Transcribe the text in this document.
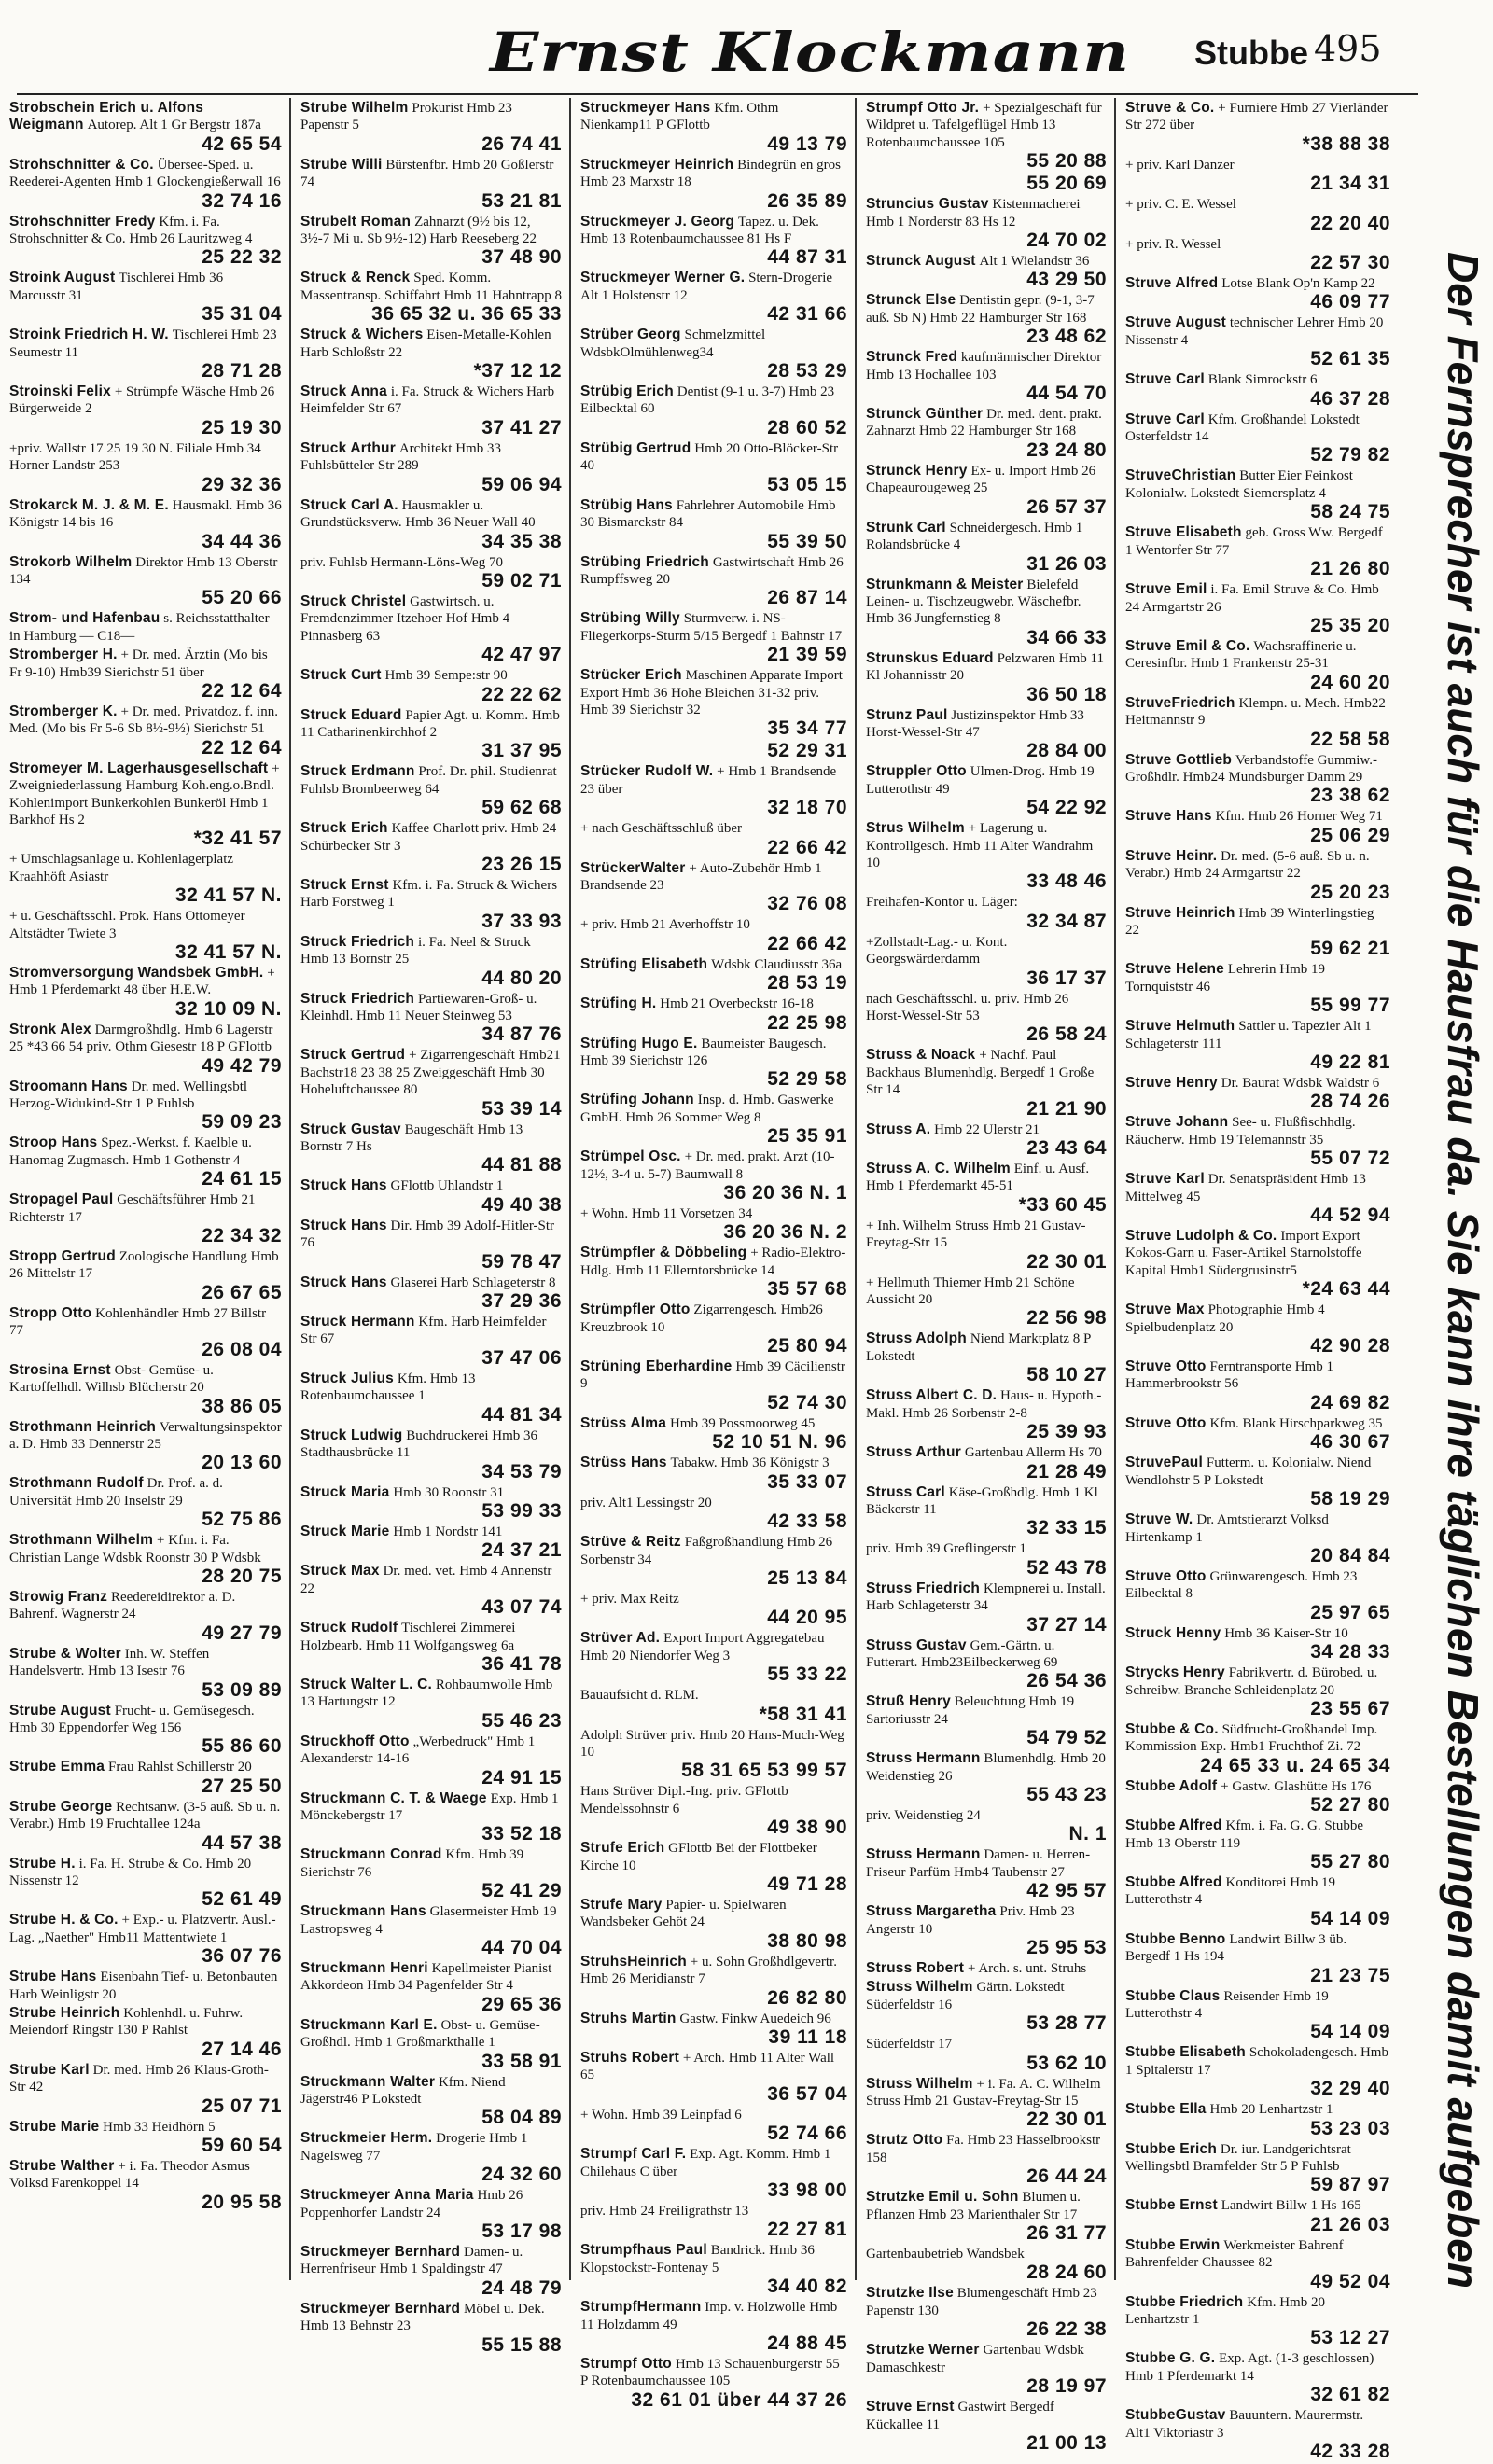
Ernst Klockmann Stubbe 495
Strobschein Erich u. Alfons Weigmann Autorep. Alt 1 Gr Bergstr 187a
42 65 54
Strohschnitter & Co. Übersee-Sped. u. Reederei-Agenten Hmb 1 Glockengießerwall 16
32 74 16
Strohschnitter Fredy Kfm. i. Fa. Strohschnitter & Co. Hmb 26 Lauritzweg 4
25 22 32
Stroink August Tischlerei Hmb 36 Marcusstr 31
35 31 04
Stroink Friedrich H. W. Tischlerei Hmb 23 Seumestr 11
28 71 28
Stroinski Felix + Strümpfe Wäsche Hmb 26 Bürgerweide 2
25 19 30
+priv. Wallstr 17 25 19 30 N. Filiale Hmb 34 Horner Landstr 253
29 32 36
Strokarck M. J. & M. E. Hausmakl. Hmb 36 Königstr 14 bis 16
34 44 36
Strokorb Wilhelm Direktor Hmb 13 Oberstr 134
55 20 66
Strom- und Hafenbau s. Reichsstatthalter in Hamburg — C18—
Stromberger H. + Dr. med. Ärztin (Mo bis Fr 9-10) Hmb39 Sierichstr 51 über
22 12 64
Stromberger K. + Dr. med. Privatdoz. f. inn. Med. (Mo bis Fr 5-6 Sb 8½-9½) Sierichstr 51
22 12 64
Stromeyer M. Lagerhausgesellschaft + Zweigniederlassung Hamburg Koh.eng.o.Bndl. Kohlenimport Bunkerkohlen Bunkeröl Hmb 1 Barkhof Hs 2
*32 41 57
+ Umschlagsanlage u. Kohlenlagerplatz Kraahhöft Asiastr
32 41 57 N.
+ u. Geschäftsschl. Prok. Hans Ottomeyer Altstädter Twiete 3
32 41 57 N.
Stromversorgung Wandsbek GmbH. + Hmb 1 Pferdemarkt 48 über H.E.W.
32 10 09 N.
Stronk Alex Darmgroßhdlg. Hmb 6 Lagerstr 25 *43 66 54 priv. Othm Giesestr 18 P GFlottb
49 42 79
Stroomann Hans Dr. med. Wellingsbtl Herzog-Widukind-Str 1 P Fuhlsb
59 09 23
Stroop Hans Spez.-Werkst. f. Kaelble u. Hanomag Zugmasch. Hmb 1 Gothenstr 4
24 61 15
Stropagel Paul Geschäftsführer Hmb 21 Richterstr 17
22 34 32
Stropp Gertrud Zoologische Handlung Hmb 26 Mittelstr 17
26 67 65
Stropp Otto Kohlenhändler Hmb 27 Billstr 77
26 08 04
Strosina Ernst Obst- Gemüse- u. Kartoffelhdl. Wilhsb Blücherstr 20
38 86 05
Strothmann Heinrich Verwaltungsinspektor a. D. Hmb 33 Dennerstr 25
20 13 60
Strothmann Rudolf Dr. Prof. a. d. Universität Hmb 20 Inselstr 29
52 75 86
Strothmann Wilhelm + Kfm. i. Fa. Christian Lange Wdsbk Roonstr 30 P Wdsbk
28 20 75
Strowig Franz Reedereidirektor a. D. Bahrenf. Wagnerstr 24
49 27 79
Strube & Wolter Inh. W. Steffen Handelsvertr. Hmb 13 Isestr 76
53 09 89
Strube August Frucht- u. Gemüsegesch. Hmb 30 Eppendorfer Weg 156
55 86 60
Strube Emma Frau Rahlst Schillerstr 20
27 25 50
Strube George Rechtsanw. (3-5 auß. Sb u. n. Verabr.) Hmb 19 Fruchtallee 124a
44 57 38
Strube H. i. Fa. H. Strube & Co. Hmb 20 Nissenstr 12
52 61 49
Strube H. & Co. + Exp.- u. Platzvertr. Ausl.-Lag. „Naether" Hmb11 Mattentwiete 1
36 07 76
Strube Hans Eisenbahn Tief- u. Betonbauten Harb Weinligstr 20
Strube Heinrich Kohlenhdl. u. Fuhrw. Meiendorf Ringstr 130 P Rahlst
27 14 46
Strube Karl Dr. med. Hmb 26 Klaus-Groth-Str 42
25 07 71
Strube Marie Hmb 33 Heidhörn 5
59 60 54
Strube Walther + i. Fa. Theodor Asmus Volksd Farenkoppel 14
20 95 58
Strube Wilhelm Prokurist Hmb 23 Papenstr 5
26 74 41
Strube Willi Bürstenfbr. Hmb 20 Goßlerstr 74
53 21 81
Strubelt Roman Zahnarzt (9½ bis 12, 3½-7 Mi u. Sb 9½-12) Harb Reeseberg 22
37 48 90
Struck & Renck Sped. Komm. Massentransp. Schiffahrt Hmb 11 Hahntrapp 8
36 65 32 u. 36 65 33
Struck & Wichers Eisen-Metalle-Kohlen Harb Schloßstr 22
*37 12 12
Struck Anna i. Fa. Struck & Wichers Harb Heimfelder Str 67
37 41 27
Struck Arthur Architekt Hmb 33 Fuhlsbütteler Str 289
59 06 94
Struck Carl A. Hausmakler u. Grundstücksverw. Hmb 36 Neuer Wall 40
34 35 38
priv. Fuhlsb Hermann-Löns-Weg 70
59 02 71
Struck Christel Gastwirtsch. u. Fremdenzimmer Itzehoer Hof Hmb 4 Pinnasberg 63
42 47 97
Struck Curt Hmb 39 Sempe:str 90
22 22 62
Struck Eduard Papier Agt. u. Komm. Hmb 11 Catharinenkirchhof 2
31 37 95
Struck Erdmann Prof. Dr. phil. Studienrat Fuhlsb Brombeerweg 64
59 62 68
Struck Erich Kaffee Charlott priv. Hmb 24 Schürbecker Str 3
23 26 15
Struck Ernst Kfm. i. Fa. Struck & Wichers Harb Forstweg 1
37 33 93
Struck Friedrich i. Fa. Neel & Struck Hmb 13 Bornstr 25
44 80 20
Struck Friedrich Partiewaren-Groß- u. Kleinhdl. Hmb 11 Neuer Steinweg 53
34 87 76
Struck Gertrud + Zigarrengeschäft Hmb21 Bachstr18 23 38 25 Zweiggeschäft Hmb 30 Hoheluftchaussee 80
53 39 14
Struck Gustav Baugeschäft Hmb 13 Bornstr 7 Hs
44 81 88
Struck Hans GFlottb Uhlandstr 1
49 40 38
Struck Hans Dir. Hmb 39 Adolf-Hitler-Str 76
59 78 47
Struck Hans Glaserei Harb Schlageterstr 8
37 29 36
Struck Hermann Kfm. Harb Heimfelder Str 67
37 47 06
Struck Julius Kfm. Hmb 13 Rotenbaumchaussee 1
44 81 34
Struck Ludwig Buchdruckerei Hmb 36 Stadthausbrücke 11
34 53 79
Struck Maria Hmb 30 Roonstr 31
53 99 33
Struck Marie Hmb 1 Nordstr 141
24 37 21
Struck Max Dr. med. vet. Hmb 4 Annenstr 22
43 07 74
Struck Rudolf Tischlerei Zimmerei Holzbearb. Hmb 11 Wolfgangsweg 6a
36 41 78
Struck Walter L. C. Rohbaumwolle Hmb 13 Hartungstr 12
55 46 23
Struckhoff Otto „Werbedruck" Hmb 1 Alexanderstr 14-16
24 91 15
Struckmann C. T. & Waege Exp. Hmb 1 Mönckebergstr 17
33 52 18
Struckmann Conrad Kfm. Hmb 39 Sierichstr 76
52 41 29
Struckmann Hans Glasermeister Hmb 19 Lastropsweg 4
44 70 04
Struckmann Henri Kapellmeister Pianist Akkordeon Hmb 34 Pagenfelder Str 4
29 65 36
Struckmann Karl E. Obst- u. Gemüse-Großhdl. Hmb 1 Großmarkthalle 1
33 58 91
Struckmann Walter Kfm. Niend Jägerstr46 P Lokstedt
58 04 89
Struckmeier Herm. Drogerie Hmb 1 Nagelsweg 77
24 32 60
Struckmeyer Anna Maria Hmb 26 Poppenhorfer Landstr 24
53 17 98
Struckmeyer Bernhard Damen- u. Herrenfriseur Hmb 1 Spaldingstr 47
24 48 79
Struckmeyer Bernhard Möbel u. Dek. Hmb 13 Behnstr 23
55 15 88
Struckmeyer Hans Kfm. Othm Nienkamp11 P GFlottb
49 13 79
Struckmeyer Heinrich Bindegrün en gros Hmb 23 Marxstr 18
26 35 89
Struckmeyer J. Georg Tapez. u. Dek. Hmb 13 Rotenbaumchaussee 81 Hs F
44 87 31
Struckmeyer Werner G. Stern-Drogerie Alt 1 Holstenstr 12
42 31 66
Strüber Georg Schmelzmittel WdsbkOlmühlenweg34
28 53 29
Strübig Erich Dentist (9-1 u. 3-7) Hmb 23 Eilbecktal 60
28 60 52
Strübig Gertrud Hmb 20 Otto-Blöcker-Str 40
53 05 15
Strübig Hans Fahrlehrer Automobile Hmb 30 Bismarckstr 84
55 39 50
Strübing Friedrich Gastwirtschaft Hmb 26 Rumpffsweg 20
26 87 14
Strübing Willy Sturmverw. i. NS-Fliegerkorps-Sturm 5/15 Bergedf 1 Bahnstr 17
21 39 59
Strücker Erich Maschinen Apparate Import Export Hmb 36 Hohe Bleichen 31-32 priv. Hmb 39 Sierichstr 32
35 34 77
52 29 31
Strücker Rudolf W. + Hmb 1 Brandsende 23 über
32 18 70
+ nach Geschäftsschluß über
22 66 42
StrückerWalter + Auto-Zubehör Hmb 1 Brandsende 23
32 76 08
+ priv. Hmb 21 Averhoffstr 10
22 66 42
Strüfing Elisabeth Wdsbk Claudiusstr 36a
28 53 19
Strüfing H. Hmb 21 Overbeckstr 16-18
22 25 98
Strüfing Hugo E. Baumeister Baugesch. Hmb 39 Sierichstr 126
52 29 58
Strüfing Johann Insp. d. Hmb. Gaswerke GmbH. Hmb 26 Sommer Weg 8
25 35 91
Strümpel Osc. + Dr. med. prakt. Arzt (10-12½, 3-4 u. 5-7) Baumwall 8
36 20 36 N. 1
+ Wohn. Hmb 11 Vorsetzen 34
36 20 36 N. 2
Strümpfler & Döbbeling + Radio-Elektro-Hdlg. Hmb 11 Ellerntorsbrücke 14
35 57 68
Strümpfler Otto Zigarrengesch. Hmb26 Kreuzbrook 10
25 80 94
Strüning Eberhardine Hmb 39 Cäcilienstr 9
52 74 30
Strüss Alma Hmb 39 Possmoorweg 45
52 10 51 N. 96
Strüss Hans Tabakw. Hmb 36 Königstr 3
35 33 07
priv. Alt1 Lessingstr 20
42 33 58
Strüve & Reitz Faßgroßhandlung Hmb 26 Sorbenstr 34
25 13 84
+ priv. Max Reitz
44 20 95
Strüver Ad. Export Import Aggregatebau Hmb 20 Niendorfer Weg 3
55 33 22
Bauaufsicht d. RLM.
*58 31 41
Adolph Strüver priv. Hmb 20 Hans-Much-Weg 10
58 31 65 53 99 57
Hans Strüver Dipl.-Ing. priv. GFlottb Mendelssohnstr 6
49 38 90
Strufe Erich GFlottb Bei der Flottbeker Kirche 10
49 71 28
Strufe Mary Papier- u. Spielwaren Wandsbeker Gehöt 24
38 80 98
StruhsHeinrich + u. Sohn Großhdlgevertr. Hmb 26 Meridianstr 7
26 82 80
Struhs Martin Gastw. Finkw Auedeich 96
39 11 18
Struhs Robert + Arch. Hmb 11 Alter Wall 65
36 57 04
+ Wohn. Hmb 39 Leinpfad 6
52 74 66
Strumpf Carl F. Exp. Agt. Komm. Hmb 1 Chilehaus C über
33 98 00
priv. Hmb 24 Freiligrathstr 13
22 27 81
Strumpfhaus Paul Bandrick. Hmb 36 Klopstockstr-Fontenay 5
34 40 82
StrumpfHermann Imp. v. Holzwolle Hmb 11 Holzdamm 49
24 88 45
Strumpf Otto Hmb 13 Schauenburgerstr 55 P Rotenbaumchaussee 105
32 61 01 über 44 37 26
Strumpf Otto Jr. + Spezialgeschäft für Wildpret u. Tafelgeflügel Hmb 13 Rotenbaumchaussee 105
55 20 88
55 20 69
Struncius Gustav Kistenmacherei Hmb 1 Norderstr 83 Hs 12
24 70 02
Strunck August Alt 1 Wielandstr 36
43 29 50
Strunck Else Dentistin gepr. (9-1, 3-7 auß. Sb N) Hmb 22 Hamburger Str 168
23 48 62
Strunck Fred kaufmännischer Direktor Hmb 13 Hochallee 103
44 54 70
Strunck Günther Dr. med. dent. prakt. Zahnarzt Hmb 22 Hamburger Str 168
23 24 80
Strunck Henry Ex- u. Import Hmb 26 Chapeaurougeweg 25
26 57 37
Strunk Carl Schneidergesch. Hmb 1 Rolandsbrücke 4
31 26 03
Strunkmann & Meister Bielefeld Leinen- u. Tischzeugwebr. Wäschefbr. Hmb 36 Jungfernstieg 8
34 66 33
Strunskus Eduard Pelzwaren Hmb 11 Kl Johannisstr 20
36 50 18
Strunz Paul Justizinspektor Hmb 33 Horst-Wessel-Str 47
28 84 00
Struppler Otto Ulmen-Drog. Hmb 19 Lutterothstr 49
54 22 92
Strus Wilhelm + Lagerung u. Kontrollgesch. Hmb 11 Alter Wandrahm 10
33 48 46
Freihafen-Kontor u. Läger:
32 34 87
+Zollstadt-Lag.- u. Kont. Georgswärderdamm
36 17 37
nach Geschäftsschl. u. priv. Hmb 26 Horst-Wessel-Str 53
26 58 24
Struss & Noack + Nachf. Paul Backhaus Blumenhdlg. Bergedf 1 Große Str 14
21 21 90
Struss A. Hmb 22 Ulerstr 21
23 43 64
Struss A. C. Wilhelm Einf. u. Ausf. Hmb 1 Pferdemarkt 45-51
*33 60 45
+ Inh. Wilhelm Struss Hmb 21 Gustav-Freytag-Str 15
22 30 01
+ Hellmuth Thiemer Hmb 21 Schöne Aussicht 20
22 56 98
Struss Adolph Niend Marktplatz 8 P Lokstedt
58 10 27
Struss Albert C. D. Haus- u. Hypoth.-Makl. Hmb 26 Sorbenstr 2-8
25 39 93
Struss Arthur Gartenbau Allerm Hs 70
21 28 49
Struss Carl Käse-Großhdlg. Hmb 1 Kl Bäckerstr 11
32 33 15
priv. Hmb 39 Greflingerstr 1
52 43 78
Struss Friedrich Klempnerei u. Install. Harb Schlageterstr 34
37 27 14
Struss Gustav Gem.-Gärtn. u. Futterart. Hmb23Eilbeckerweg 69
26 54 36
Struß Henry Beleuchtung Hmb 19 Sartoriusstr 24
54 79 52
Struss Hermann Blumenhdlg. Hmb 20 Weidenstieg 26
55 43 23
priv. Weidenstieg 24
N. 1
Struss Hermann Damen- u. Herren-Friseur Parfüm Hmb4 Taubenstr 27
42 95 57
Struss Margaretha Priv. Hmb 23 Angerstr 10
25 95 53
Struss Robert + Arch. s. unt. Struhs
Struss Wilhelm Gärtn. Lokstedt Süderfeldstr 16
53 28 77
Süderfeldstr 17
53 62 10
Struss Wilhelm + i. Fa. A. C. Wilhelm Struss Hmb 21 Gustav-Freytag-Str 15
22 30 01
Strutz Otto Fa. Hmb 23 Hasselbrookstr 158
26 44 24
Strutzke Emil u. Sohn Blumen u. Pflanzen Hmb 23 Marienthaler Str 17
26 31 77
Gartenbaubetrieb Wandsbek
28 24 60
Strutzke Ilse Blumengeschäft Hmb 23 Papenstr 130
26 22 38
Strutzke Werner Gartenbau Wdsbk Damaschkestr
28 19 97
Struve Ernst Gastwirt Bergedf Kückallee 11
21 00 13
Struve & Co. + Furniere Hmb 27 Vierländer Str 272 über
*38 88 38
+ priv. Karl Danzer
21 34 31
+ priv. C. E. Wessel
22 20 40
+ priv. R. Wessel
22 57 30
Struve Alfred Lotse Blank Op'n Kamp 22
46 09 77
Struve August technischer Lehrer Hmb 20 Nissenstr 4
52 61 35
Struve Carl Blank Simrockstr 6
46 37 28
Struve Carl Kfm. Großhandel Lokstedt Osterfeldstr 14
52 79 82
StruveChristian Butter Eier Feinkost Kolonialw. Lokstedt Siemersplatz 4
58 24 75
Struve Elisabeth geb. Gross Ww. Bergedf 1 Wentorfer Str 77
21 26 80
Struve Emil i. Fa. Emil Struve & Co. Hmb 24 Armgartstr 26
25 35 20
Struve Emil & Co. Wachsraffinerie u. Ceresinfbr. Hmb 1 Frankenstr 25-31
24 60 20
StruveFriedrich Klempn. u. Mech. Hmb22 Heitmannstr 9
22 58 58
Struve Gottlieb Verbandstoffe Gummiw.-Großhdlr. Hmb24 Mundsburger Damm 29
23 38 62
Struve Hans Kfm. Hmb 26 Horner Weg 71
25 06 29
Struve Heinr. Dr. med. (5-6 auß. Sb u. n. Verabr.) Hmb 24 Armgartstr 22
25 20 23
Struve Heinrich Hmb 39 Winterlingstieg 22
59 62 21
Struve Helene Lehrerin Hmb 19 Tornquiststr 46
55 99 77
Struve Helmuth Sattler u. Tapezier Alt 1 Schlageterstr 111
49 22 81
Struve Henry Dr. Baurat Wdsbk Waldstr 6
28 74 26
Struve Johann See- u. Flußfischhdlg. Räucherw. Hmb 19 Telemannstr 35
55 07 72
Struve Karl Dr. Senatspräsident Hmb 13 Mittelweg 45
44 52 94
Struve Ludolph & Co. Import Export Kokos-Garn u. Faser-Artikel Starnolstoffe Kapital Hmb1 Südergrusinstr5
*24 63 44
Struve Max Photographie Hmb 4 Spielbudenplatz 20
42 90 28
Struve Otto Ferntransporte Hmb 1 Hammerbrookstr 56
24 69 82
Struve Otto Kfm. Blank Hirschparkweg 35
46 30 67
StruvePaul Futterm. u. Kolonialw. Niend Wendlohstr 5 P Lokstedt
58 19 29
Struve W. Dr. Amtstierarzt Volksd Hirtenkamp 1
20 84 84
Struve Otto Grünwarengesch. Hmb 23 Eilbecktal 8
25 97 65
Struck Henny Hmb 36 Kaiser-Str 10
34 28 33
Strycks Henry Fabrikvertr. d. Bürobed. u. Schreibw. Branche Schleidenplatz 20
23 55 67
Stubbe & Co. Südfrucht-Großhandel Imp. Kommission Exp. Hmb1 Fruchthof Zi. 72
24 65 33 u. 24 65 34
Stubbe Adolf + Gastw. Glashütte Hs 176
52 27 80
Stubbe Alfred Kfm. i. Fa. G. G. Stubbe Hmb 13 Oberstr 119
55 27 80
Stubbe Alfred Konditorei Hmb 19 Lutterothstr 4
54 14 09
Stubbe Benno Landwirt Billw 3 üb. Bergedf 1 Hs 194
21 23 75
Stubbe Claus Reisender Hmb 19 Lutterothstr 4
54 14 09
Stubbe Elisabeth Schokoladengesch. Hmb 1 Spitalerstr 17
32 29 40
Stubbe Ella Hmb 20 Lenhartzstr 1
53 23 03
Stubbe Erich Dr. iur. Landgerichtsrat Wellingsbtl Bramfelder Str 5 P Fuhlsb
59 87 97
Stubbe Ernst Landwirt Billw 1 Hs 165
21 26 03
Stubbe Erwin Werkmeister Bahrenf Bahrenfelder Chaussee 82
49 52 04
Stubbe Friedrich Kfm. Hmb 20 Lenhartzstr 1
53 12 27
Stubbe G. G. Exp. Agt. (1-3 geschlossen) Hmb 1 Pferdemarkt 14
32 61 82
StubbeGustav Bauuntern. Maurermstr. Alt1 Viktoriastr 3
42 33 28
Der Fernsprecher ist auch für die Hausfrau da. Sie kann ihre täglichen Bestellungen damit aufgeben
